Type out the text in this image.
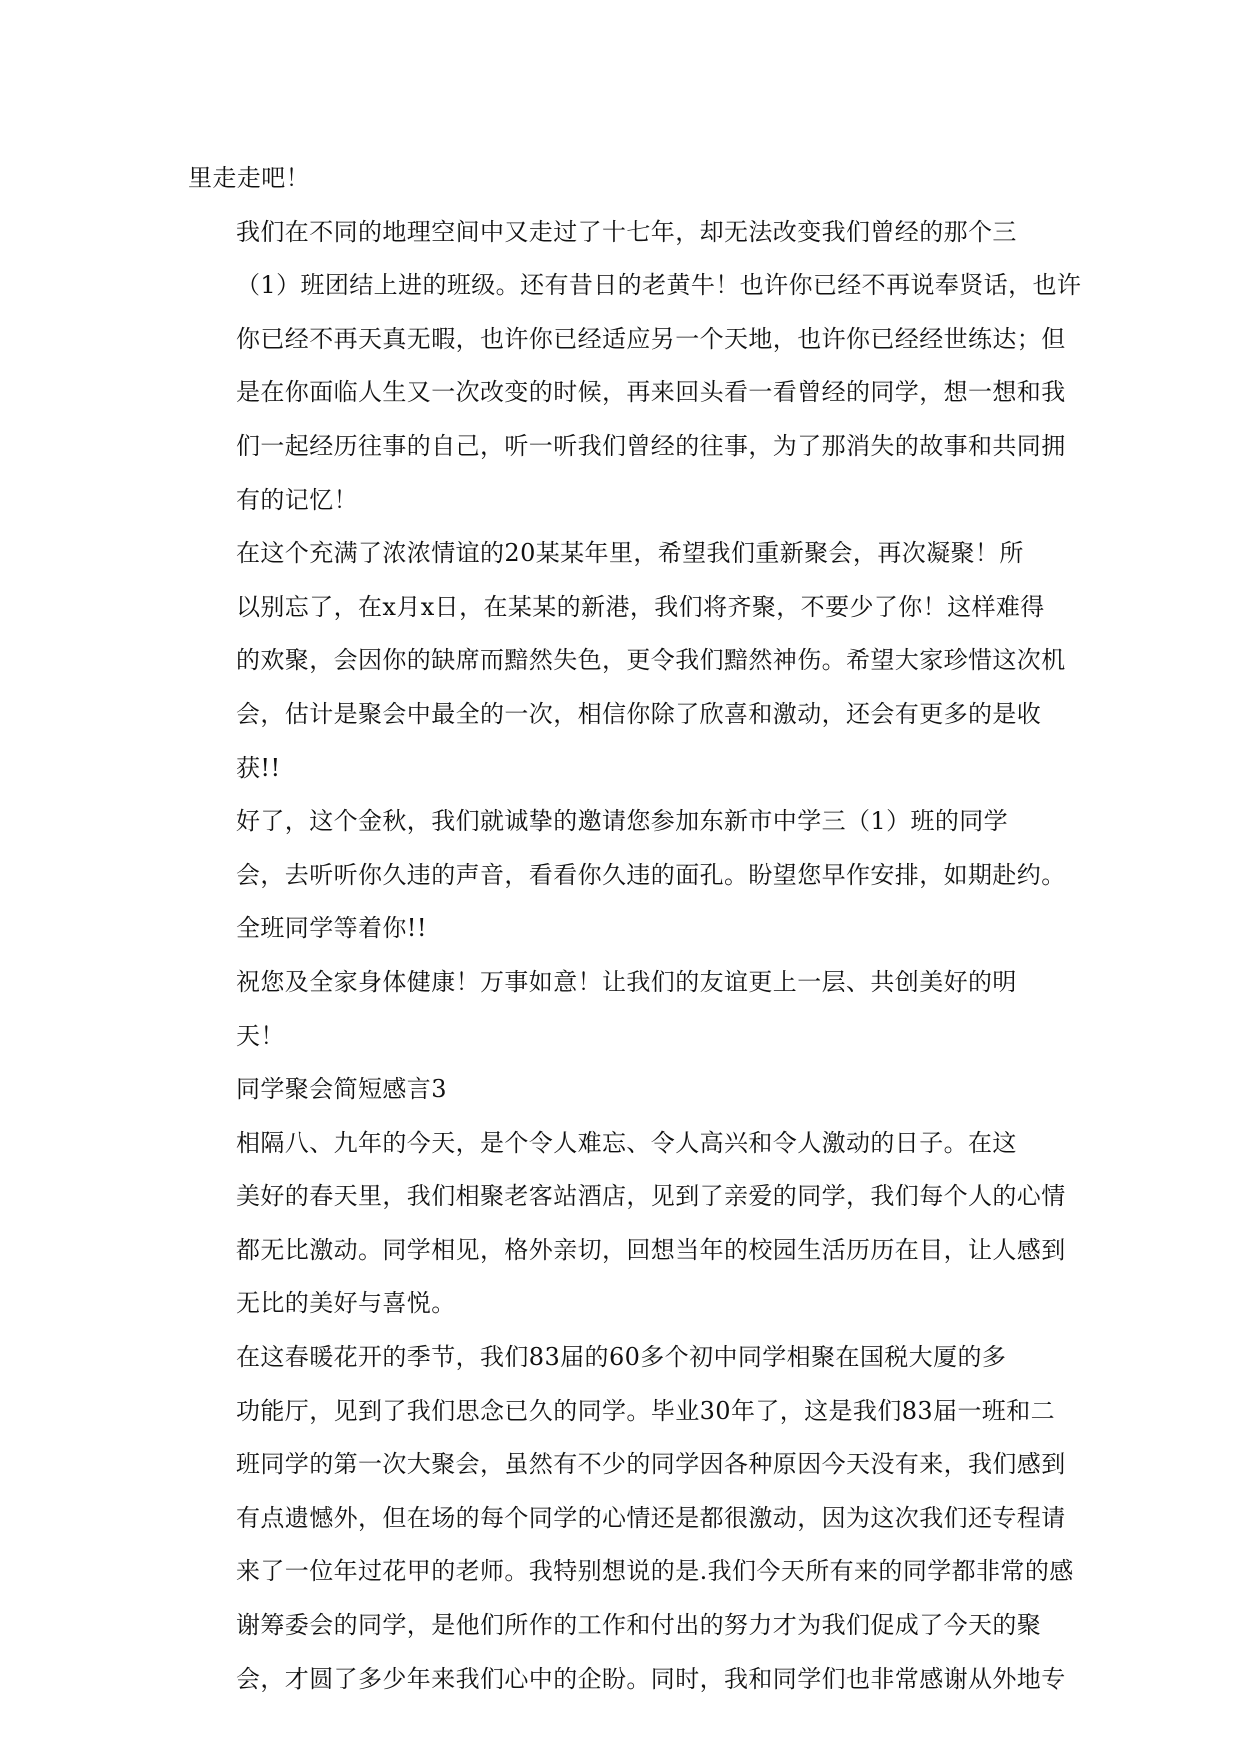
里走走吧！

我们在不同的地理空间中又走过了十七年，却无法改变我们曾经的那个三
（1）班团结上进的班级。还有昔日的老黄牛！也许你已经不再说奉贤话，也许
你已经不再天真无暇，也许你已经适应另一个天地，也许你已经经世练达；但
是在你面临人生又一次改变的时候，再来回头看一看曾经的同学，想一想和我
们一起经历往事的自己，听一听我们曾经的往事，为了那消失的故事和共同拥
有的记忆！

在这个充满了浓浓情谊的20某某年里，希望我们重新聚会，再次凝聚！所
以别忘了，在x月x日，在某某的新港，我们将齐聚，不要少了你！这样难得
的欢聚，会因你的缺席而黯然失色，更令我们黯然神伤。希望大家珍惜这次机
会，估计是聚会中最全的一次，相信你除了欣喜和激动，还会有更多的是收
获!!

好了，这个金秋，我们就诚挚的邀请您参加东新市中学三（1）班的同学
会，去听听你久违的声音，看看你久违的面孔。盼望您早作安排，如期赴约。
全班同学等着你!!

祝您及全家身体健康！万事如意！让我们的友谊更上一层、共创美好的明
天！

同学聚会简短感言3

相隔八、九年的今天，是个令人难忘、令人高兴和令人激动的日子。在这
美好的春天里，我们相聚老客站酒店，见到了亲爱的同学，我们每个人的心情
都无比激动。同学相见，格外亲切，回想当年的校园生活历历在目，让人感到
无比的美好与喜悦。

在这春暖花开的季节，我们83届的60多个初中同学相聚在国税大厦的多
功能厅，见到了我们思念已久的同学。毕业30年了，这是我们83届一班和二
班同学的第一次大聚会，虽然有不少的同学因各种原因今天没有来，我们感到
有点遗憾外，但在场的每个同学的心情还是都很激动，因为这次我们还专程请
来了一位年过花甲的老师。我特别想说的是.我们今天所有来的同学都非常的感
谢筹委会的同学，是他们所作的工作和付出的努力才为我们促成了今天的聚
会，才圆了多少年来我们心中的企盼。同时，我和同学们也非常感谢从外地专
